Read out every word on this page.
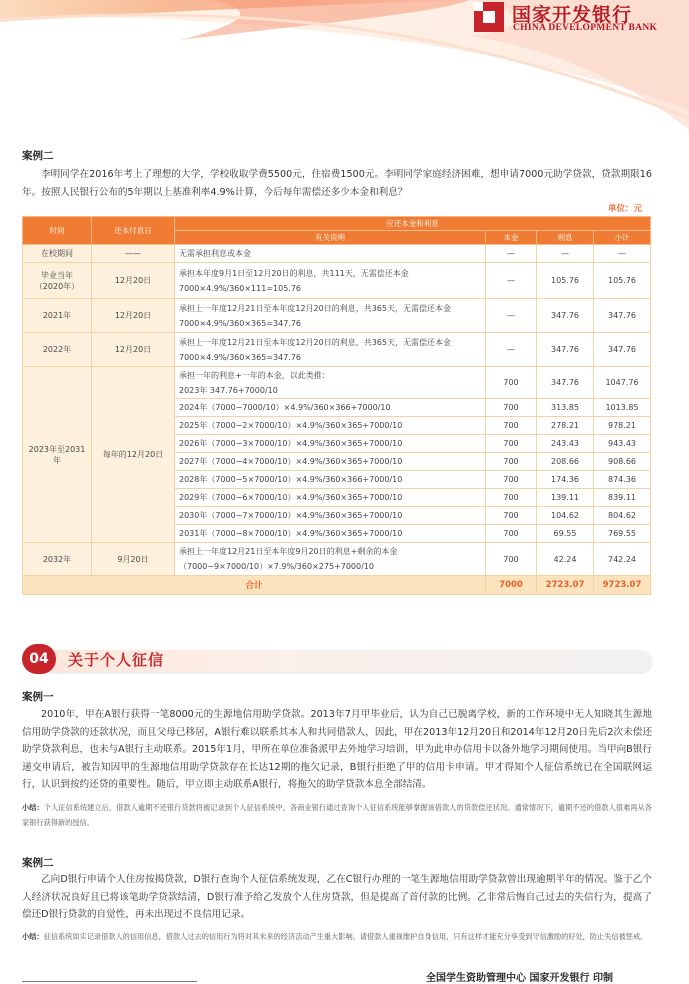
国家开发银行
CHINA DEVELOPMENT BANK
案例二
李明同学在2016年考上了理想的大学，学校收取学费5500元，住宿费1500元。李明同学家庭经济困难，想申请7000元助学贷款，贷款期限16年。按照人民银行公布的5年期以上基准利率4.9%计算，今后每年需偿还多少本金和利息？
单位：元
时间	还本付息日	应还本金和利息			
		有关说明	本金	利息	小计
在校期间	——	无需承担利息或本金	—	—	—
毕业当年（2020年）	12月20日	承担本年度9月1日至12月20日的利息，共111天，无需偿还本金
7000×4.9%/360×111=105.76	—	105.76	105.76
2021年	12月20日	承担上一年度12月21日至本年度12月20日的利息，共365天，无需偿还本金
7000×4.9%/360×365=347.76	—	347.76	347.76
2022年	12月20日	承担上一年度12月21日至本年度12月20日的利息，共365天，无需偿还本金
7000×4.9%/360×365=347.76	—	347.76	347.76
2023年至2031年	每年的12月20日	承担一年的利息+一年的本金，以此类推：
2023年 347.76+7000/10	700	347.76	1047.76
		2024年（7000−7000/10）×4.9%/360×366+7000/10	700	313.85	1013.85
		2025年（7000−2×7000/10）×4.9%/360×365+7000/10	700	278.21	978.21
		2026年（7000−3×7000/10）×4.9%/360×365+7000/10	700	243.43	943.43
		2027年（7000−4×7000/10）×4.9%/360×365+7000/10	700	208.66	908.66
		2028年（7000−5×7000/10）×4.9%/360×366+7000/10	700	174.36	874.36
		2029年（7000−6×7000/10）×4.9%/360×365+7000/10	700	139.11	839.11
		2030年（7000−7×7000/10）×4.9%/360×365+7000/10	700	104.62	804.62
		2031年（7000−8×7000/10）×4.9%/360×365+7000/10	700	69.55	769.55
2032年	9月20日	承担上一年度12月21日至本年度9月20日的利息+剩余的本金
（7000−9×7000/10）×7.9%/360×275+7000/10	700	42.24	742.24
合计			7000	2723.07	9723.07
04	关于个人征信
案例一
2010年，甲在A银行获得一笔8000元的生源地信用助学贷款。2013年7月甲毕业后，认为自己已脱离学校，新的工作环境中无人知晓其生源地信用助学贷款的还款状况，而且父母已移居，A银行难以联系其本人和共同借款人，因此，甲在2013年12月20日和2014年12月20日先后2次未偿还助学贷款利息，也未与A银行主动联系。2015年1月，甲所在单位准备派甲去外地学习培训，甲为此申办信用卡以备外地学习期间使用。当甲向B银行递交申请后，被告知因甲的生源地信用助学贷款存在长达12期的拖欠记录，B银行拒绝了甲的信用卡申请。甲才得知个人征信系统已在全国联网运行，认识到按约还贷的重要性。随后，甲立即主动联系A银行，将拖欠的助学贷款本息全部结清。
小结：个人征信系统建立后，借款人逾期不还银行贷款将被记录到个人征信系统中，各商业银行通过查询个人征信系统能够掌握该借款人的贷款偿还状况。通常情况下，逾期不还的借款人很难再从各家银行获得新的授信。
案例二
乙向D银行申请个人住房按揭贷款，D银行查询个人征信系统发现，乙在C银行办理的一笔生源地信用助学贷款曾出现逾期半年的情况。鉴于乙个人经济状况良好且已将该笔助学贷款结清，D银行准予给乙发放个人住房贷款，但是提高了首付款的比例。乙非常后悔自己过去的失信行为，提高了偿还D银行贷款的自觉性，再未出现过不良信用记录。
小结：征信系统如实记录借款人的信用信息，借款人过去的信用行为将对其未来的经济活动产生重大影响。请借款人重视维护自身信用，只有这样才能充分享受到守信激励的好处，防止失信被惩戒。
全国学生资助管理中心 国家开发银行 印制
